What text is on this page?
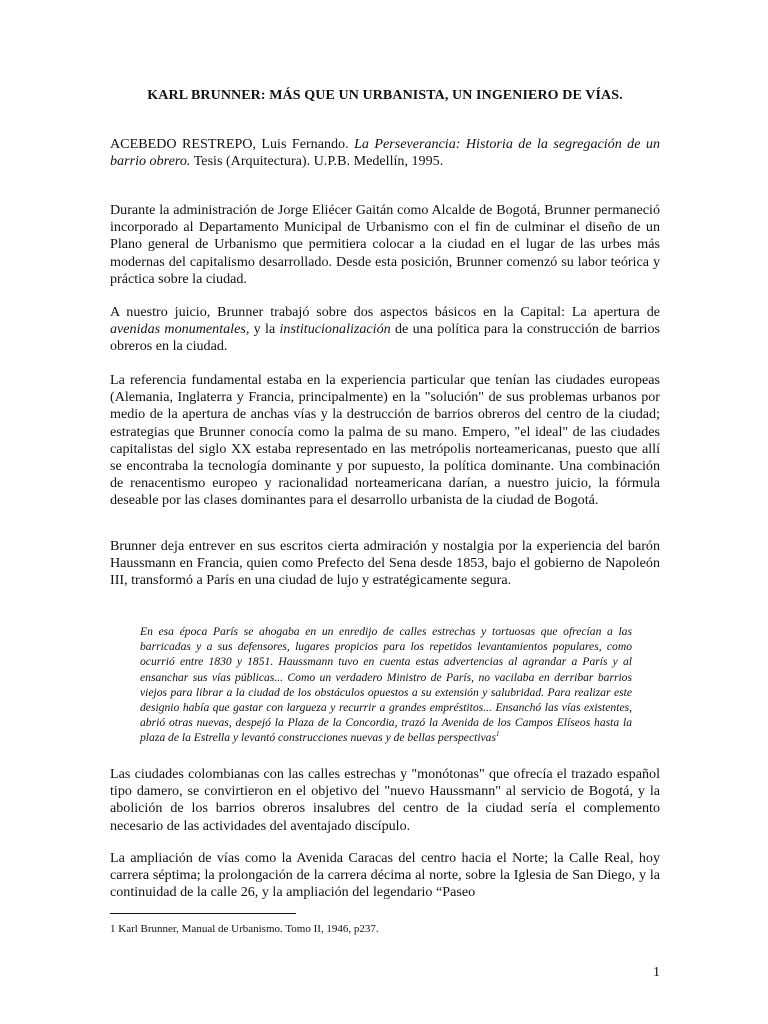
KARL BRUNNER: MÁS QUE UN URBANISTA, UN INGENIERO DE VÍAS.

ACEBEDO RESTREPO, Luis Fernando. La Perseverancia: Historia de la segregación de un barrio obrero. Tesis (Arquitectura). U.P.B. Medellín, 1995.

Durante la administración de Jorge Eliécer Gaitán como Alcalde de Bogotá, Brunner permaneció incorporado al Departamento Municipal de Urbanismo con el fin de culminar el diseño de un Plano general de Urbanismo que permitiera colocar a la ciudad en el lugar de las urbes más modernas del capitalismo desarrollado. Desde esta posición, Brunner comenzó su labor teórica y práctica sobre la ciudad.

A nuestro juicio, Brunner trabajó sobre dos aspectos básicos en la Capital: La apertura de avenidas monumentales, y la institucionalización de una política para la construcción de barrios obreros en la ciudad.

La referencia fundamental estaba en la experiencia particular que tenían las ciudades europeas (Alemania, Inglaterra y Francia, principalmente) en la "solución" de sus problemas urbanos por medio de la apertura de anchas vías y la destrucción de barrios obreros del centro de la ciudad; estrategias que Brunner conocía como la palma de su mano. Empero, "el ideal" de las ciudades capitalistas del siglo XX estaba representado en las metrópolis norteamericanas, puesto que allí se encontraba la tecnología dominante y por supuesto, la política dominante. Una combinación de renacentismo europeo y racionalidad norteamericana darían, a nuestro juicio, la fórmula deseable por las clases dominantes para el desarrollo urbanista de la ciudad de Bogotá.

Brunner deja entrever en sus escritos cierta admiración y nostalgia por la experiencia del barón Haussmann en Francia, quien como Prefecto del Sena desde 1853, bajo el gobierno de Napoleón III, transformó a París en una ciudad de lujo y estratégicamente segura.

En esa época París se ahogaba en un enredijo de calles estrechas y tortuosas que ofrecían a las barricadas y a sus defensores, lugares propicios para los repetidos levantamientos populares, como ocurrió entre 1830 y 1851. Haussmann tuvo en cuenta estas advertencias al agrandar a París y al ensanchar sus vías públicas... Como un verdadero Ministro de París, no vacilaba en derribar barrios viejos para librar a la ciudad de los obstáculos opuestos a su extensión y salubridad. Para realizar este designio había que gastar con largueza y recurrir a grandes empréstitos... Ensanchó las vías existentes, abrió otras nuevas, despejó la Plaza de la Concordia, trazó la Avenida de los Campos Elíseos hasta la plaza de la Estrella y levantó construcciones nuevas y de bellas perspectivas$^1$

Las ciudades colombianas con las calles estrechas y "monótonas" que ofrecía el trazado español tipo damero, se convirtieron en el objetivo del "nuevo Haussmann" al servicio de Bogotá, y la abolición de los barrios obreros insalubres del centro de la ciudad sería el complemento necesario de las actividades del aventajado discípulo.

La ampliación de vías como la Avenida Caracas del centro hacia el Norte; la Calle Real, hoy carrera séptima; la prolongación de la carrera décima al norte, sobre la Iglesia de San Diego, y la continuidad de la calle 26, y la ampliación del legendario “Paseo

1 Karl Brunner, Manual de Urbanismo. Tomo II, 1946, p237.
1
